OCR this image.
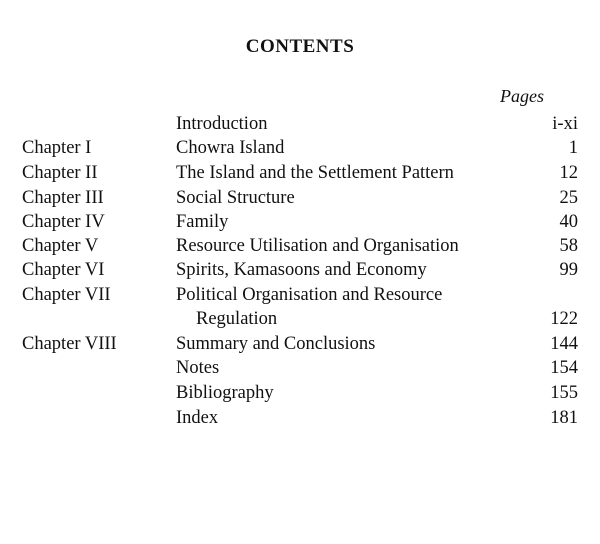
CONTENTS
Pages
Introduction	i-xi
Chapter I	Chowra Island	1
Chapter II	The Island and the Settlement Pattern	12
Chapter III	Social Structure	25
Chapter IV	Family	40
Chapter V	Resource Utilisation and Organisation	58
Chapter VI	Spirits, Kamasoons and Economy	99
Chapter VII	Political Organisation and Resource
Regulation	122
Chapter VIII	Summary and Conclusions	144
Notes	154
Bibliography	155
Index	181
